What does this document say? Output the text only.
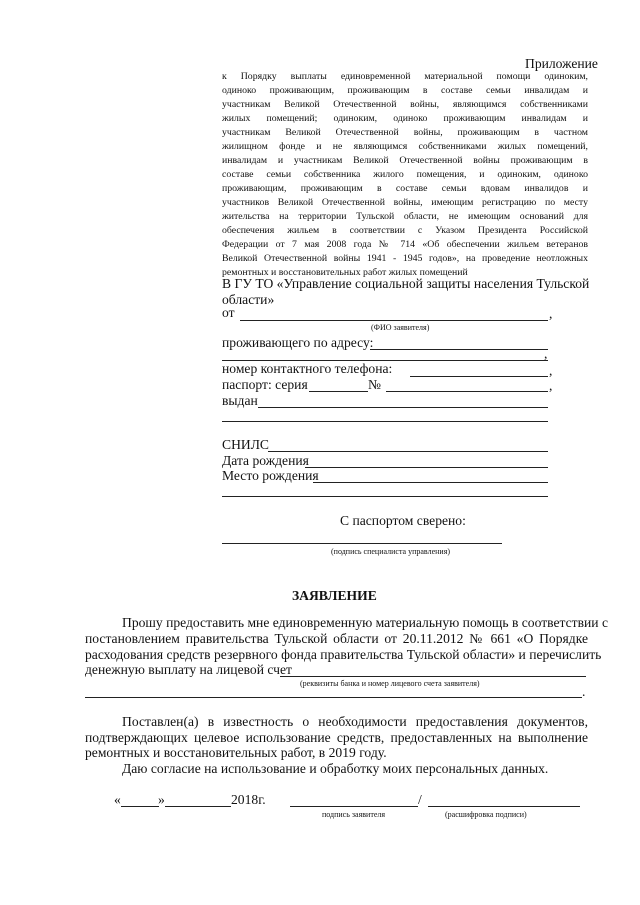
Приложение
к Порядку выплаты единовременной материальной помощи одиноким,
одиноко проживающим, проживающим в составе семьи инвалидам и
участникам Великой Отечественной войны, являющимся собственниками
жилых помещений; одиноким, одиноко проживающим инвалидам и
участникам Великой Отечественной войны, проживающим в частном
жилищном фонде и не являющимся собственниками жилых помещений,
инвалидам и участникам Великой Отечественной войны проживающим в
составе семьи собственника жилого помещения, и одиноким, одиноко
проживающим, проживающим в составе семьи вдовам инвалидов и
участников Великой Отечественной войны, имеющим регистрацию по месту
жительства на территории Тульской области, не имеющим оснований для
обеспечения жильем в соответствии с Указом Президента Российской
Федерации от 7 мая 2008 года № 714 «Об обеспечении жильем ветеранов
Великой Отечественной войны 1941 - 1945 годов», на проведение неотложных
ремонтных и восстановительных работ жилых помещений
В ГУ ТО «Управление социальной защиты населения Тульской
области»
от	,
(ФИО заявителя)
проживающего по адресу:
,
номер контактного телефона:	,
паспорт: серия	№	,
выдан
СНИЛС
Дата рождения
Место рождения
С паспортом сверено:
(подпись специалиста управления)
ЗАЯВЛЕНИЕ
Прошу предоставить мне единовременную материальную помощь в соответствии с
постановлением правительства Тульской области от 20.11.2012 № 661 «О Порядке
расходования средств резервного фонда правительства Тульской области» и перечислить
денежную выплату на лицевой счет
(реквизиты банка и номер лицевого счета заявителя)
.
Поставлен(а) в известность о необходимости предоставления документов,
подтверждающих целевое использование средств, предоставленных на выполнение
ремонтных и восстановительных работ, в 2019 году.
Даю согласие на использование и обработку моих персональных данных.
«	»	2018г.	/
подпись заявителя	(расшифровка подписи)
